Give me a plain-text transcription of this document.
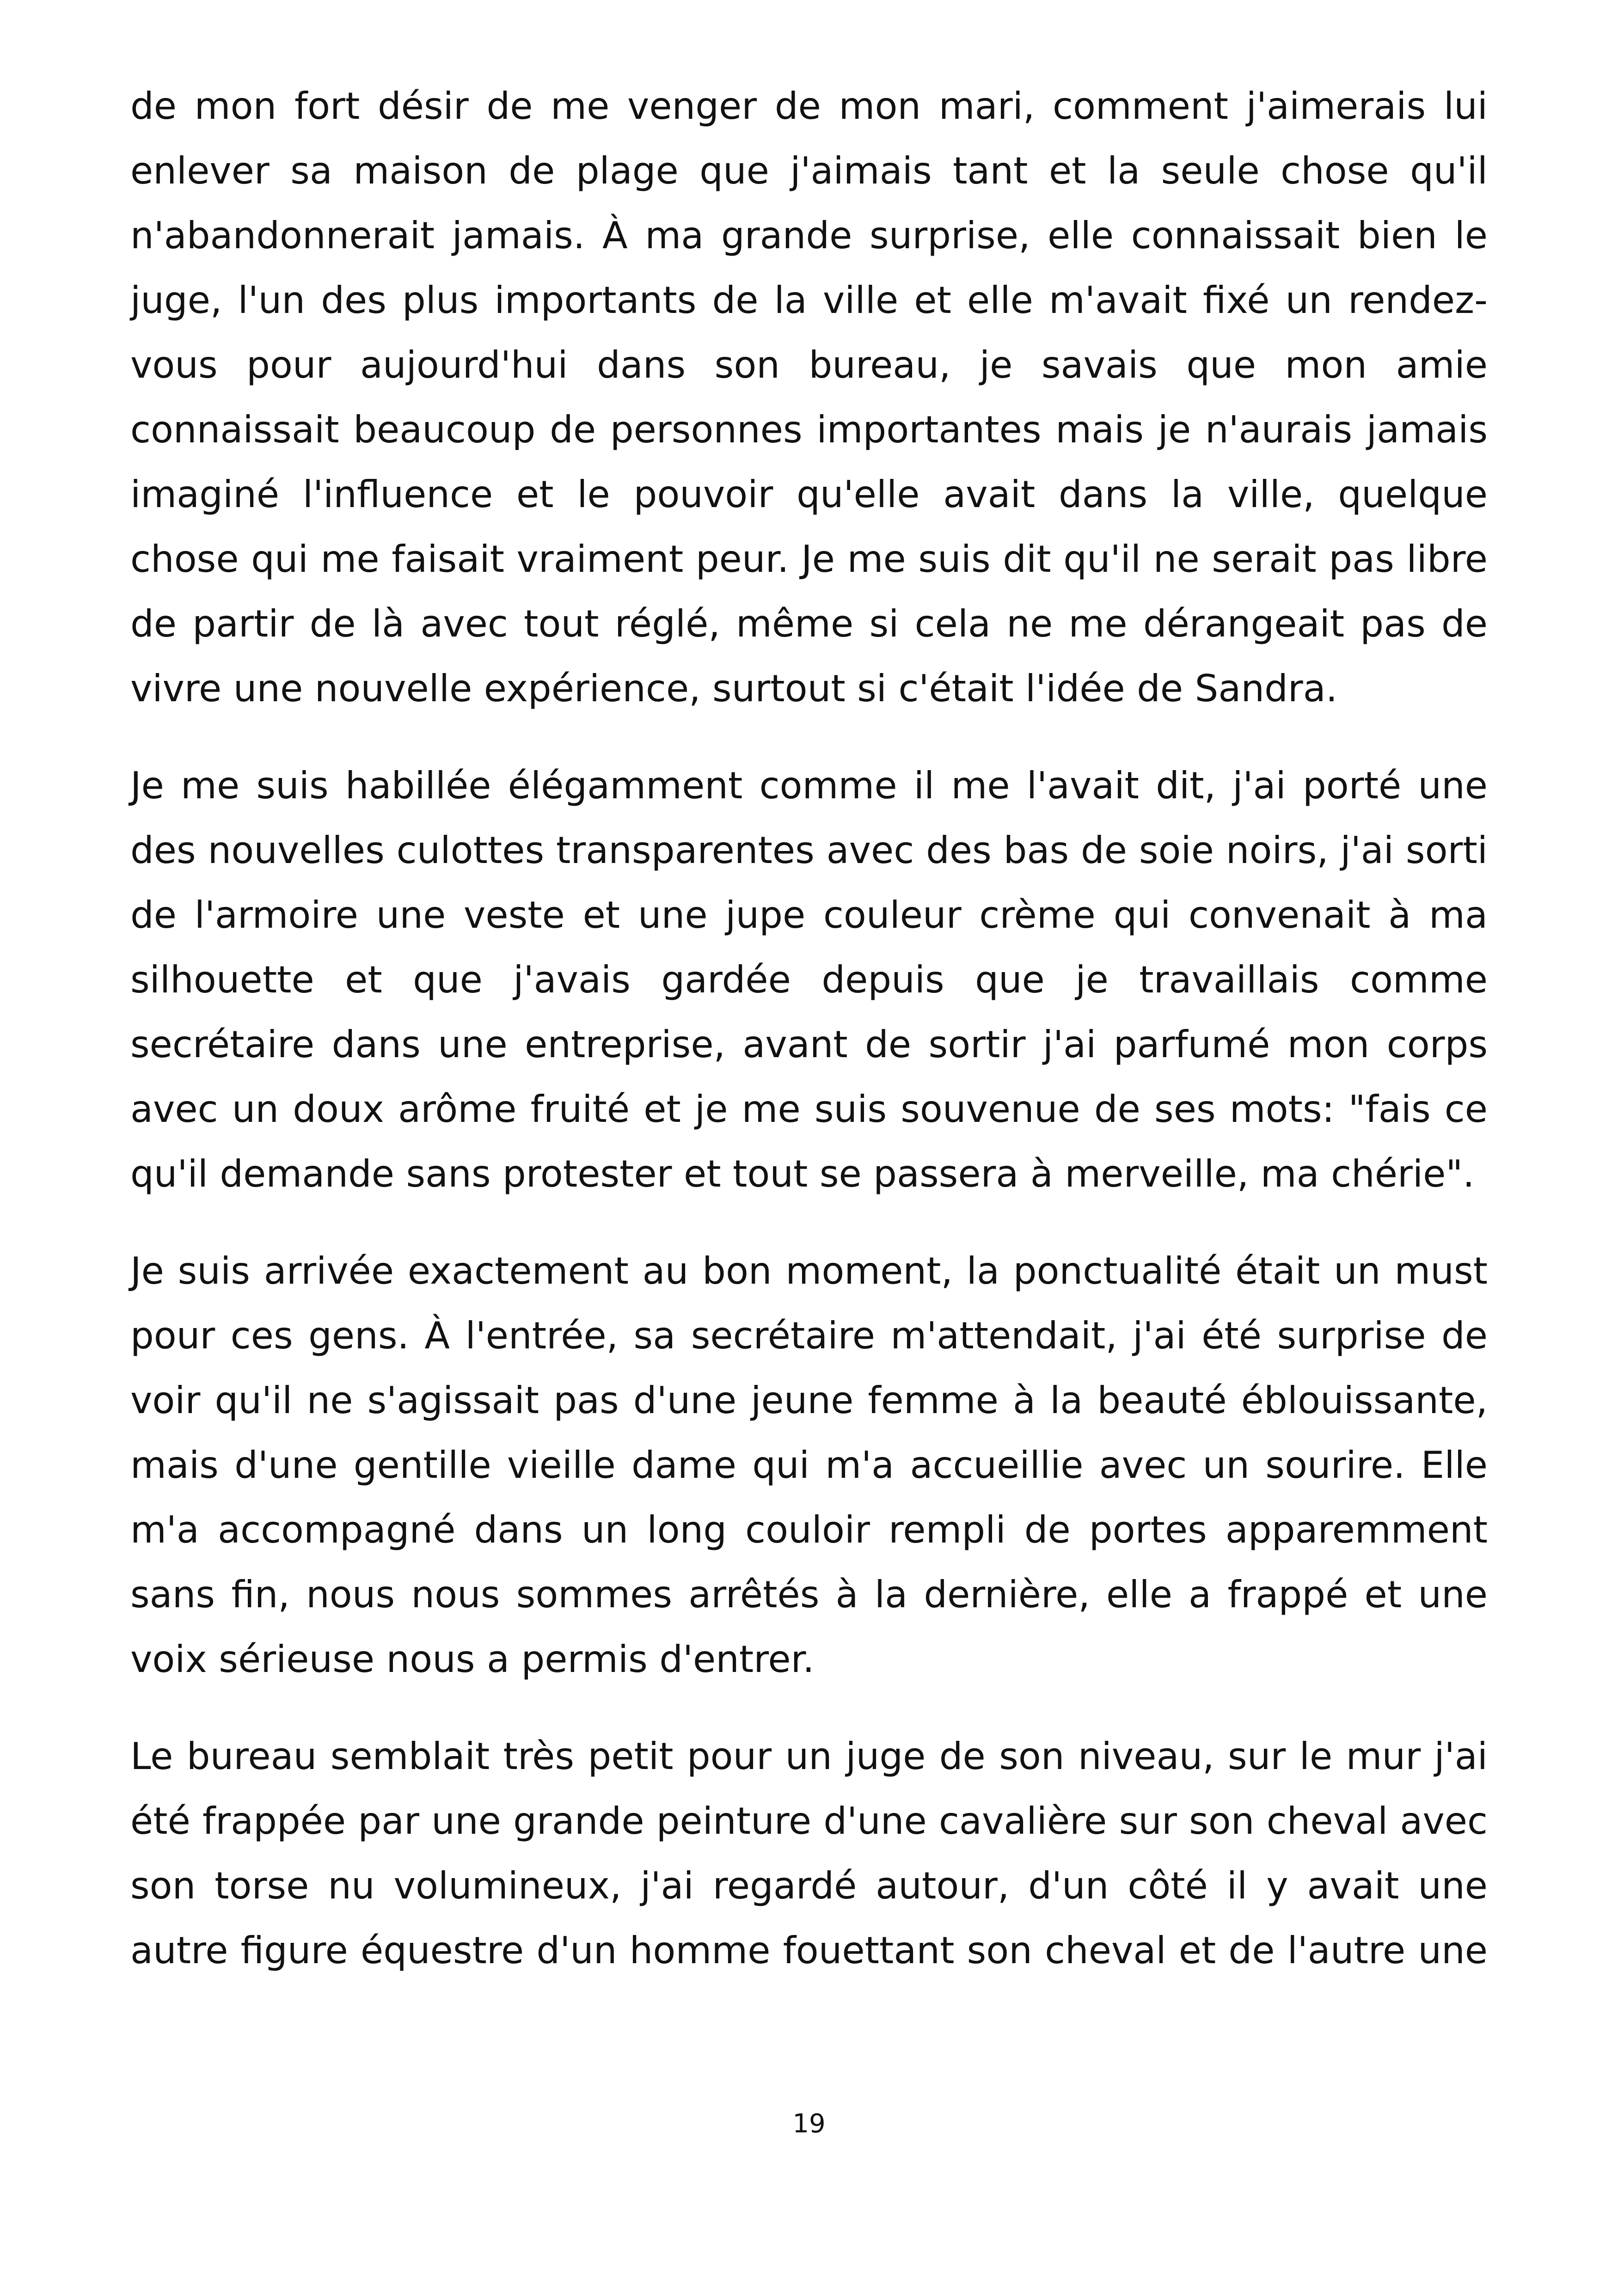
de mon fort désir de me venger de mon mari, comment j'aimerais lui enlever sa maison de plage que j'aimais tant et la seule chose qu'il n'abandonnerait jamais. À ma grande surprise, elle connaissait bien le juge, l'un des plus importants de la ville et elle m'avait fixé un rendez-vous pour aujourd'hui dans son bureau, je savais que mon amie connaissait beaucoup de personnes importantes mais je n'aurais jamais imaginé l'influence et le pouvoir qu'elle avait dans la ville, quelque chose qui me faisait vraiment peur. Je me suis dit qu'il ne serait pas libre de partir de là avec tout réglé, même si cela ne me dérangeait pas de vivre une nouvelle expérience, surtout si c'était l'idée de Sandra.

Je me suis habillée élégamment comme il me l'avait dit, j'ai porté une des nouvelles culottes transparentes avec des bas de soie noirs, j'ai sorti de l'armoire une veste et une jupe couleur crème qui convenait à ma silhouette et que j'avais gardée depuis que je travaillais comme secrétaire dans une entreprise, avant de sortir j'ai parfumé mon corps avec un doux arôme fruité et je me suis souvenue de ses mots: "fais ce qu'il demande sans protester et tout se passera à merveille, ma chérie".

Je suis arrivée exactement au bon moment, la ponctualité était un must pour ces gens. À l'entrée, sa secrétaire m'attendait, j'ai été surprise de voir qu'il ne s'agissait pas d'une jeune femme à la beauté éblouissante, mais d'une gentille vieille dame qui m'a accueillie avec un sourire. Elle m'a accompagné dans un long couloir rempli de portes apparemment sans fin, nous nous sommes arrêtés à la dernière, elle a frappé et une voix sérieuse nous a permis d'entrer.

Le bureau semblait très petit pour un juge de son niveau, sur le mur j'ai été frappée par une grande peinture d'une cavalière sur son cheval avec son torse nu volumineux, j'ai regardé autour, d'un côté il y avait une autre figure équestre d'un homme fouettant son cheval et de l'autre une

19
